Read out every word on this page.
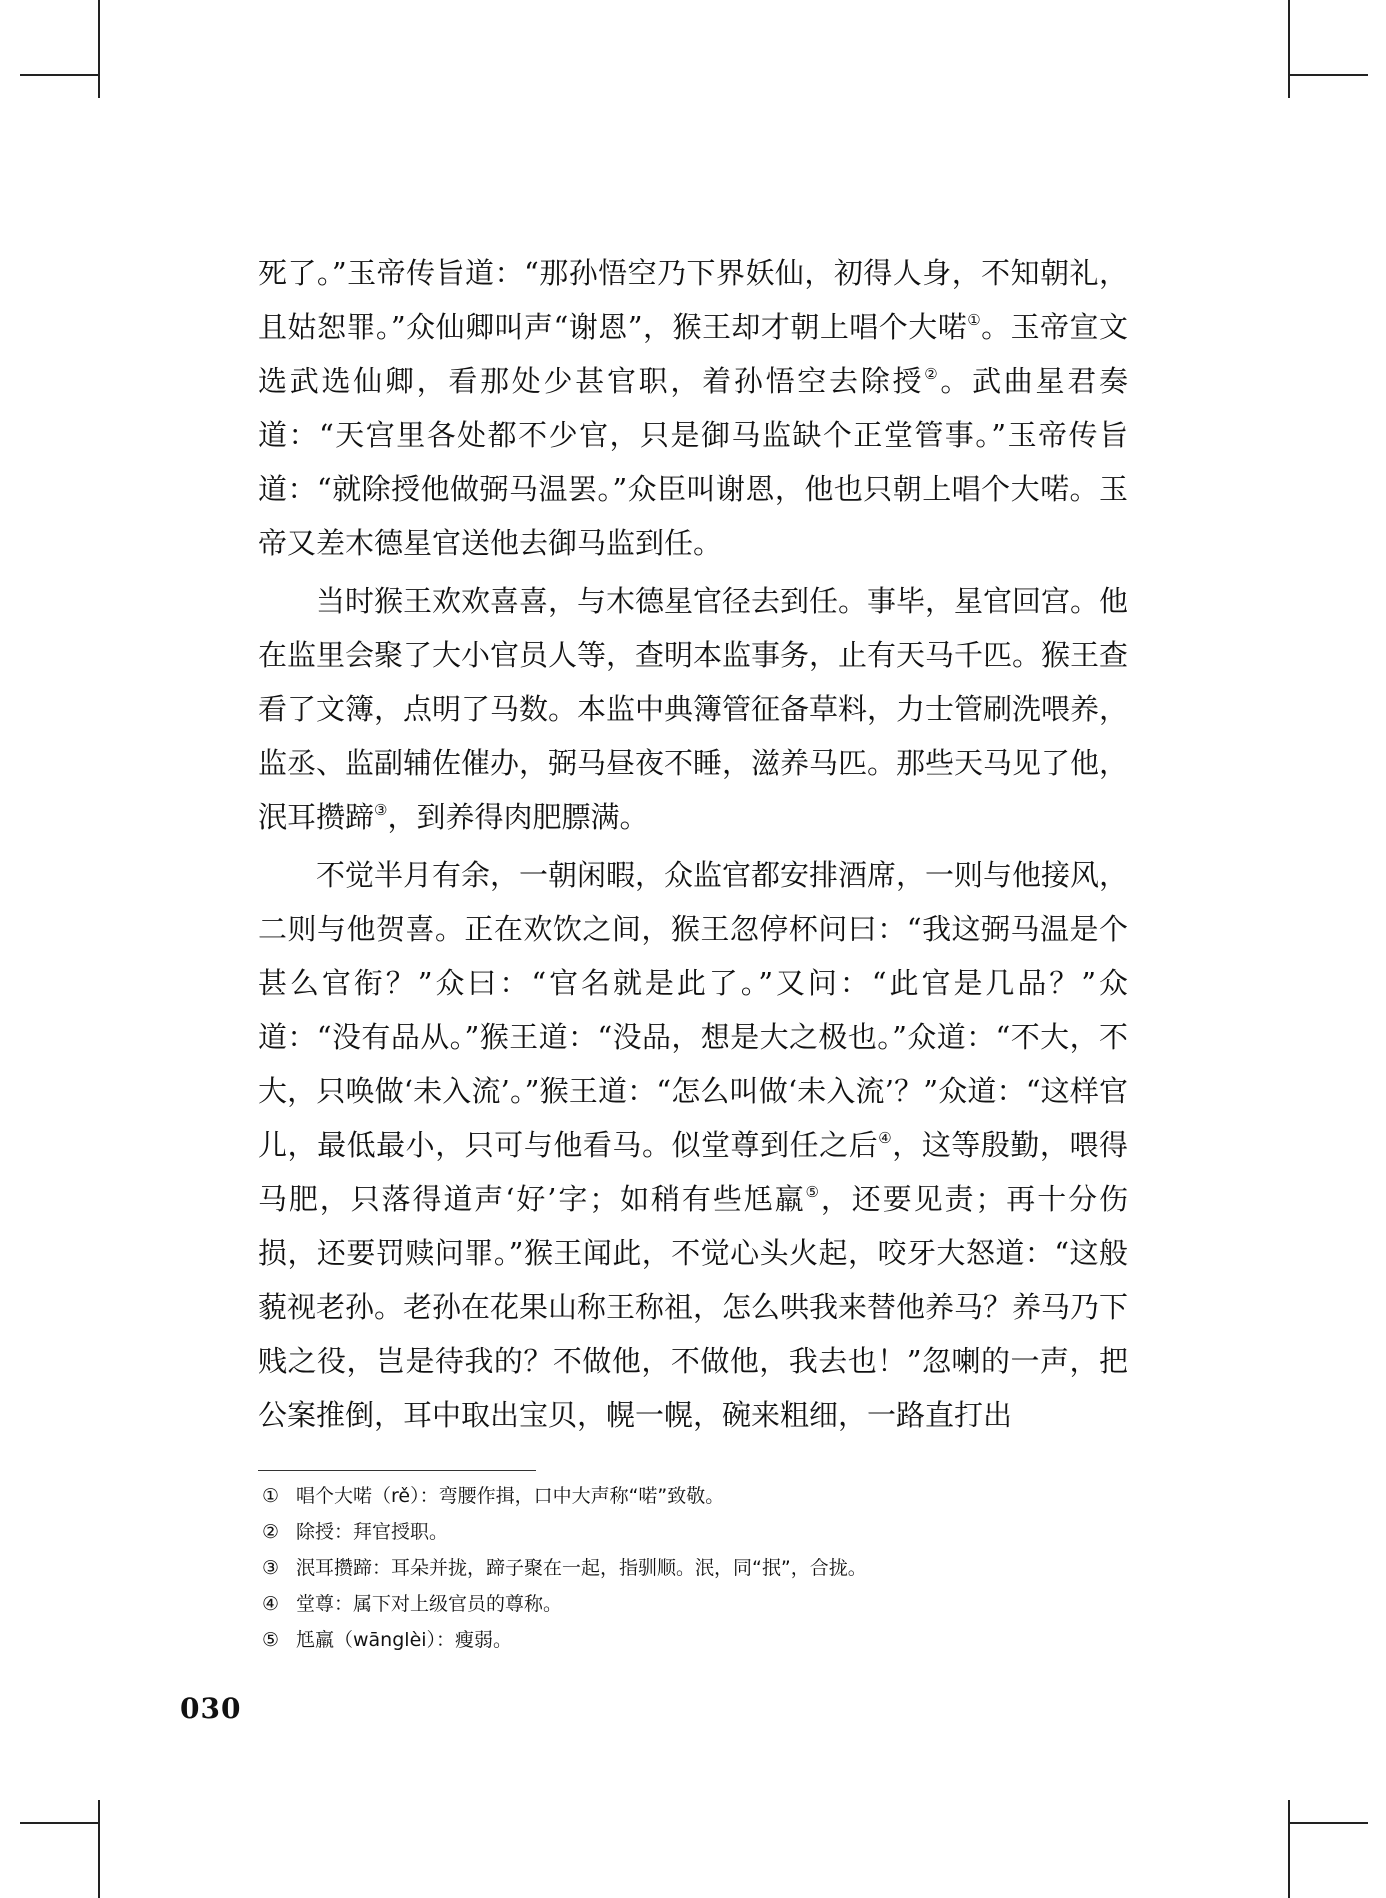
死了。”玉帝传旨道：“那孙悟空乃下界妖仙，初得人身，不知朝礼，且姑恕罪。”众仙卿叫声“谢恩”，猴王却才朝上唱个大喏①。玉帝宣文选武选仙卿，看那处少甚官职，着孙悟空去除授②。武曲星君奏道：“天宫里各处都不少官，只是御马监缺个正堂管事。”玉帝传旨道：“就除授他做弼马温罢。”众臣叫谢恩，他也只朝上唱个大喏。玉帝又差木德星官送他去御马监到任。

当时猴王欢欢喜喜，与木德星官径去到任。事毕，星官回宫。他在监里会聚了大小官员人等，查明本监事务，止有天马千匹。猴王查看了文簿，点明了马数。本监中典簿管征备草料，力士管刷洗喂养，监丞、监副辅佐催办，弼马昼夜不睡，滋养马匹。那些天马见了他，泯耳攒蹄③，到养得肉肥膘满。

不觉半月有余，一朝闲暇，众监官都安排酒席，一则与他接风，二则与他贺喜。正在欢饮之间，猴王忽停杯问曰：“我这弼马温是个甚么官衔？”众曰：“官名就是此了。”又问：“此官是几品？”众道：“没有品从。”猴王道：“没品，想是大之极也。”众道：“不大，不大，只唤做‘未入流’。”猴王道：“怎么叫做‘未入流’？”众道：“这样官儿，最低最小，只可与他看马。似堂尊到任之后④，这等殷勤，喂得马肥，只落得道声‘好’字；如稍有些尪羸⑤，还要见责；再十分伤损，还要罚赎问罪。”猴王闻此，不觉心头火起，咬牙大怒道：“这般藐视老孙。老孙在花果山称王称祖，怎么哄我来替他养马？养马乃下贱之役，岂是待我的？不做他，不做他，我去也！”忽喇的一声，把公案推倒，耳中取出宝贝，幌一幌，碗来粗细，一路直打出

① 唱个大喏（rě）：弯腰作揖，口中大声称“喏”致敬。
② 除授：拜官授职。
③ 泯耳攒蹄：耳朵并拢，蹄子聚在一起，指驯顺。泯，同“抿”，合拢。
④ 堂尊：属下对上级官员的尊称。
⑤ 尪羸（wānglèi）：瘦弱。
030
